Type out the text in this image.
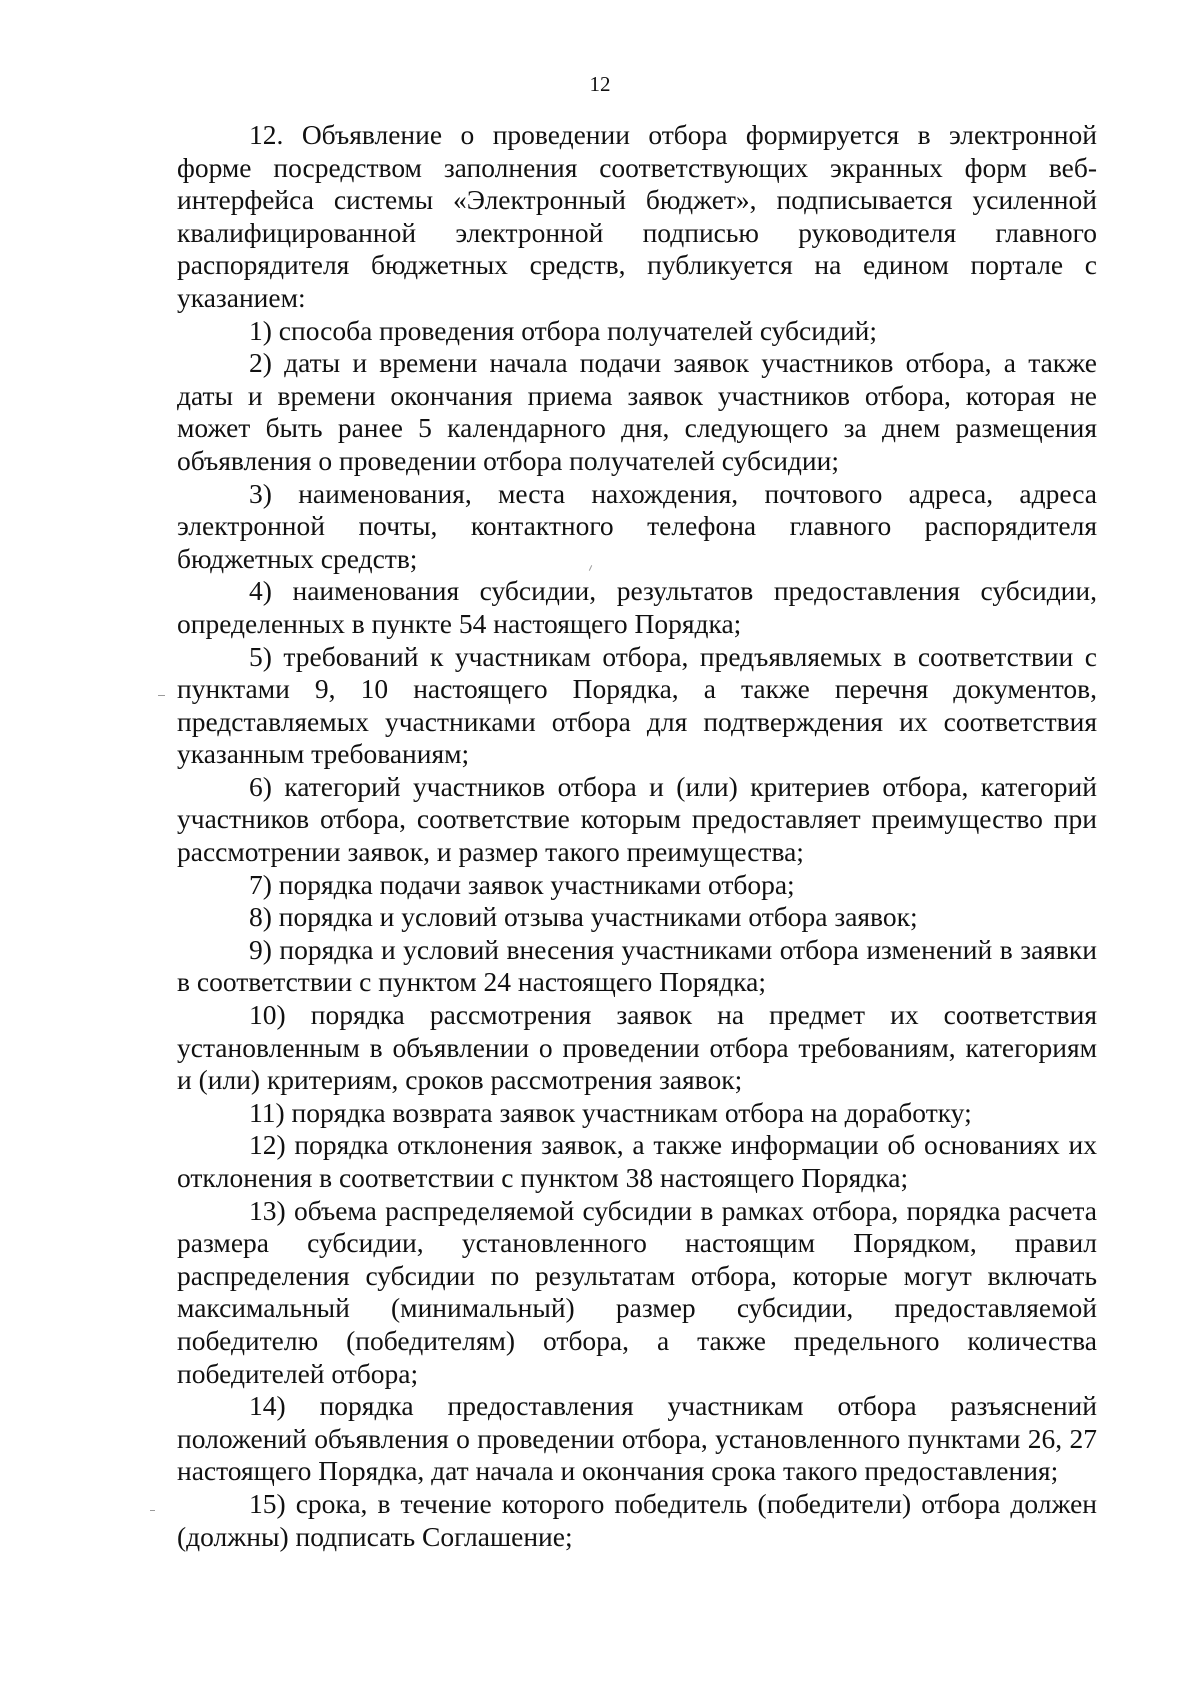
12

12. Объявление о проведении отбора формируется в электронной форме посредством заполнения соответствующих экранных форм веб-интерфейса системы «Электронный бюджет», подписывается усиленной квалифицированной электронной подписью руководителя главного распорядителя бюджетных средств, публикуется на едином портале с указанием:

1) способа проведения отбора получателей субсидий;

2) даты и времени начала подачи заявок участников отбора, а также даты и времени окончания приема заявок участников отбора, которая не может быть ранее 5 календарного дня, следующего за днем размещения объявления о проведении отбора получателей субсидии;

3) наименования, места нахождения, почтового адреса, адреса электронной почты, контактного телефона главного распорядителя бюджетных средств;

4) наименования субсидии, результатов предоставления субсидии, определенных в пункте 54 настоящего Порядка;

5) требований к участникам отбора, предъявляемых в соответствии с пунктами 9, 10 настоящего Порядка, а также перечня документов, представляемых участниками отбора для подтверждения их соответствия указанным требованиям;

6) категорий участников отбора и (или) критериев отбора, категорий участников отбора, соответствие которым предоставляет преимущество при рассмотрении заявок, и размер такого преимущества;

7) порядка подачи заявок участниками отбора;

8) порядка и условий отзыва участниками отбора заявок;

9) порядка и условий внесения участниками отбора изменений в заявки в соответствии с пунктом 24 настоящего Порядка;

10) порядка рассмотрения заявок на предмет их соответствия установленным в объявлении о проведении отбора требованиям, категориям и (или) критериям, сроков рассмотрения заявок;

11) порядка возврата заявок участникам отбора на доработку;

12) порядка отклонения заявок, а также информации об основаниях их отклонения в соответствии с пунктом 38 настоящего Порядка;

13) объема распределяемой субсидии в рамках отбора, порядка расчета размера субсидии, установленного настоящим Порядком, правил распределения субсидии по результатам отбора, которые могут включать максимальный (минимальный) размер субсидии, предоставляемой победителю (победителям) отбора, а также предельного количества победителей отбора;

14) порядка предоставления участникам отбора разъяснений положений объявления о проведении отбора, установленного пунктами 26, 27 настоящего Порядка, дат начала и окончания срока такого предоставления;

15) срока, в течение которого победитель (победители) отбора должен (должны) подписать Соглашение;
